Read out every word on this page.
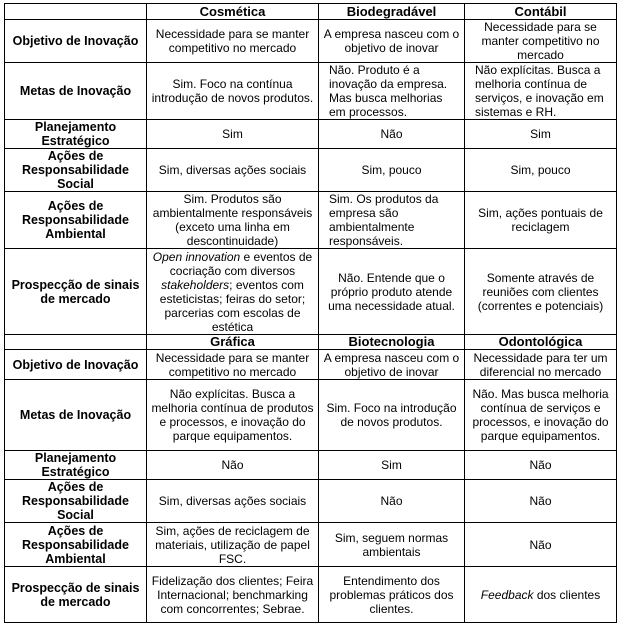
	Cosmética	Biodegradável	Contábil
Objetivo de Inovação	Necessidade para se manter competitivo no mercado	A empresa nasceu com o objetivo de inovar	Necessidade para se manter competitivo no mercado
Metas de Inovação	Sim. Foco na contínua introdução de novos produtos.	Não. Produto é a inovação da empresa. Mas busca melhorias em processos.	Não explícitas. Busca a melhoria contínua de serviços, e inovação em sistemas e RH.
Planejamento Estratégico	Sim	Não	Sim
Ações de Responsabilidade Social	Sim, diversas ações sociais	Sim, pouco	Sim, pouco
Ações de Responsabilidade Ambiental	Sim. Produtos são ambientalmente responsáveis (exceto uma linha em descontinuidade)	Sim. Os produtos da empresa são ambientalmente responsáveis.	Sim, ações pontuais de reciclagem
Prospecção de sinais de mercado	Open innovation e eventos de cocriação com diversos stakeholders; eventos com esteticistas; feiras do setor; parcerias com escolas de estética	Não. Entende que o próprio produto atende uma necessidade atual.	Somente através de reuniões com clientes (correntes e potenciais)
	Gráfica	Biotecnologia	Odontológica
Objetivo de Inovação	Necessidade para se manter competitivo no mercado	A empresa nasceu com o objetivo de inovar	Necessidade para ter um diferencial no mercado
Metas de Inovação	Não explícitas. Busca a melhoria contínua de produtos e processos, e inovação do parque equipamentos.	Sim. Foco na introdução de novos produtos.	Não. Mas busca melhoria contínua de serviços e processos, e inovação do parque equipamentos.
Planejamento Estratégico	Não	Sim	Não
Ações de Responsabilidade Social	Sim, diversas ações sociais	Não	Não
Ações de Responsabilidade Ambiental	Sim, ações de reciclagem de materiais, utilização de papel FSC.	Sim, seguem normas ambientais	Não
Prospecção de sinais de mercado	Fidelização dos clientes; Feira Internacional; benchmarking com concorrentes; Sebrae.	Entendimento dos problemas práticos dos clientes.	Feedback dos clientes
